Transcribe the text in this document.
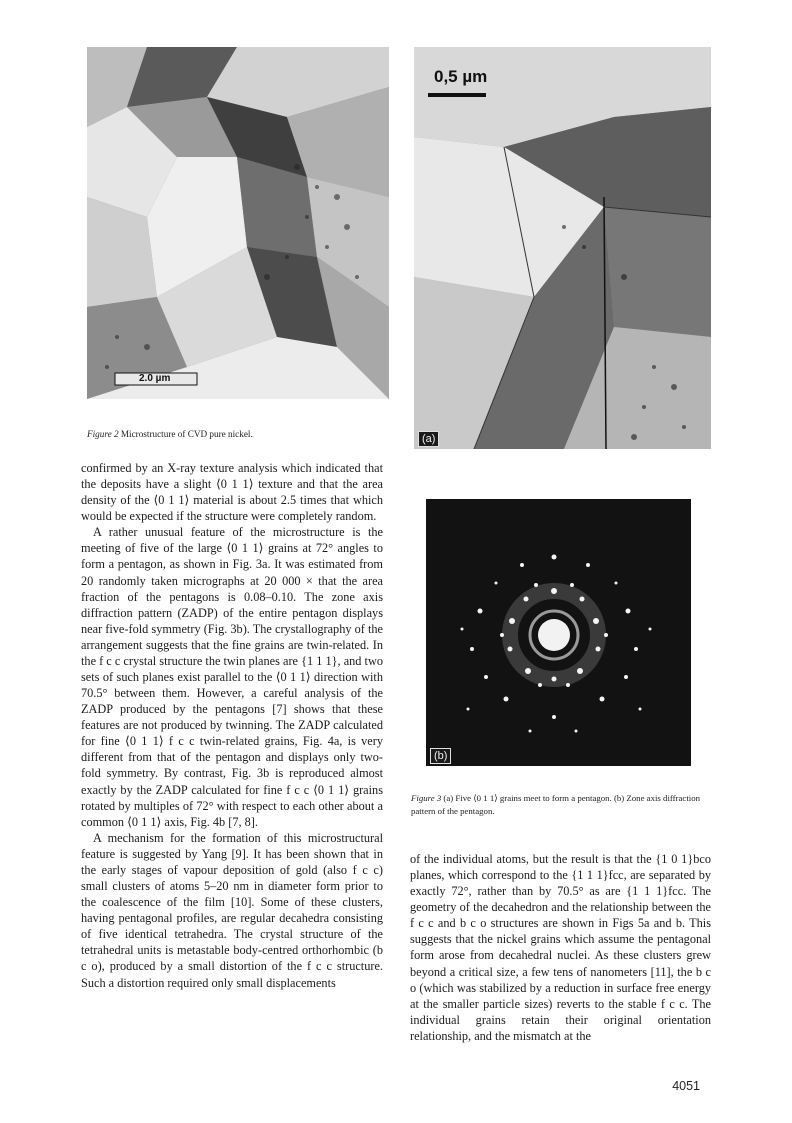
2.0 µm
Figure 2 Microstructure of CVD pure nickel.
0,5 µm
(a)
(b)
Figure 3 (a) Five ⟨0 1 1⟩ grains meet to form a pentagon. (b) Zone axis diffraction pattern of the pentagon.

confirmed by an X-ray texture analysis which indicated that the deposits have a slight ⟨0 1 1⟩ texture and that the area density of the ⟨0 1 1⟩ material is about 2.5 times that which would be expected if the structure were completely random.

A rather unusual feature of the microstructure is the meeting of five of the large ⟨0 1 1⟩ grains at 72° angles to form a pentagon, as shown in Fig. 3a. It was estimated from 20 randomly taken micrographs at 20 000 × that the area fraction of the pentagons is 0.08–0.10. The zone axis diffraction pattern (ZADP) of the entire pentagon displays near five-fold symmetry (Fig. 3b). The crystallography of the arrangement suggests that the fine grains are twin-related. In the f c c crystal structure the twin planes are {1 1 1}, and two sets of such planes exist parallel to the ⟨0 1 1⟩ direction with 70.5° between them. However, a careful analysis of the ZADP produced by the pentagons [7] shows that these features are not produced by twinning. The ZADP calculated for fine ⟨0 1 1⟩ f c c twin-related grains, Fig. 4a, is very different from that of the pentagon and displays only two-fold symmetry. By contrast, Fig. 3b is reproduced almost exactly by the ZADP calculated for fine f c c ⟨0 1 1⟩ grains rotated by multiples of 72° with respect to each other about a common ⟨0 1 1⟩ axis, Fig. 4b [7, 8].

A mechanism for the formation of this microstructural feature is suggested by Yang [9]. It has been shown that in the early stages of vapour deposition of gold (also f c c) small clusters of atoms 5–20 nm in diameter form prior to the coalescence of the film [10]. Some of these clusters, having pentagonal profiles, are regular decahedra consisting of five identical tetrahedra. The crystal structure of the tetrahedral units is metastable body-centred orthorhombic (b c o), produced by a small distortion of the f c c structure. Such a distortion required only small displacements

of the individual atoms, but the result is that the {1 0 1}bco planes, which correspond to the {1 1 1}fcc, are separated by exactly 72°, rather than by 70.5° as are {1 1 1}fcc. The geometry of the decahedron and the relationship between the f c c and b c o structures are shown in Figs 5a and b. This suggests that the nickel grains which assume the pentagonal form arose from decahedral nuclei. As these clusters grew beyond a critical size, a few tens of nanometers [11], the b c o (which was stabilized by a reduction in surface free energy at the smaller particle sizes) reverts to the stable f c c. The individual grains retain their original orientation relationship, and the mismatch at the

4051
